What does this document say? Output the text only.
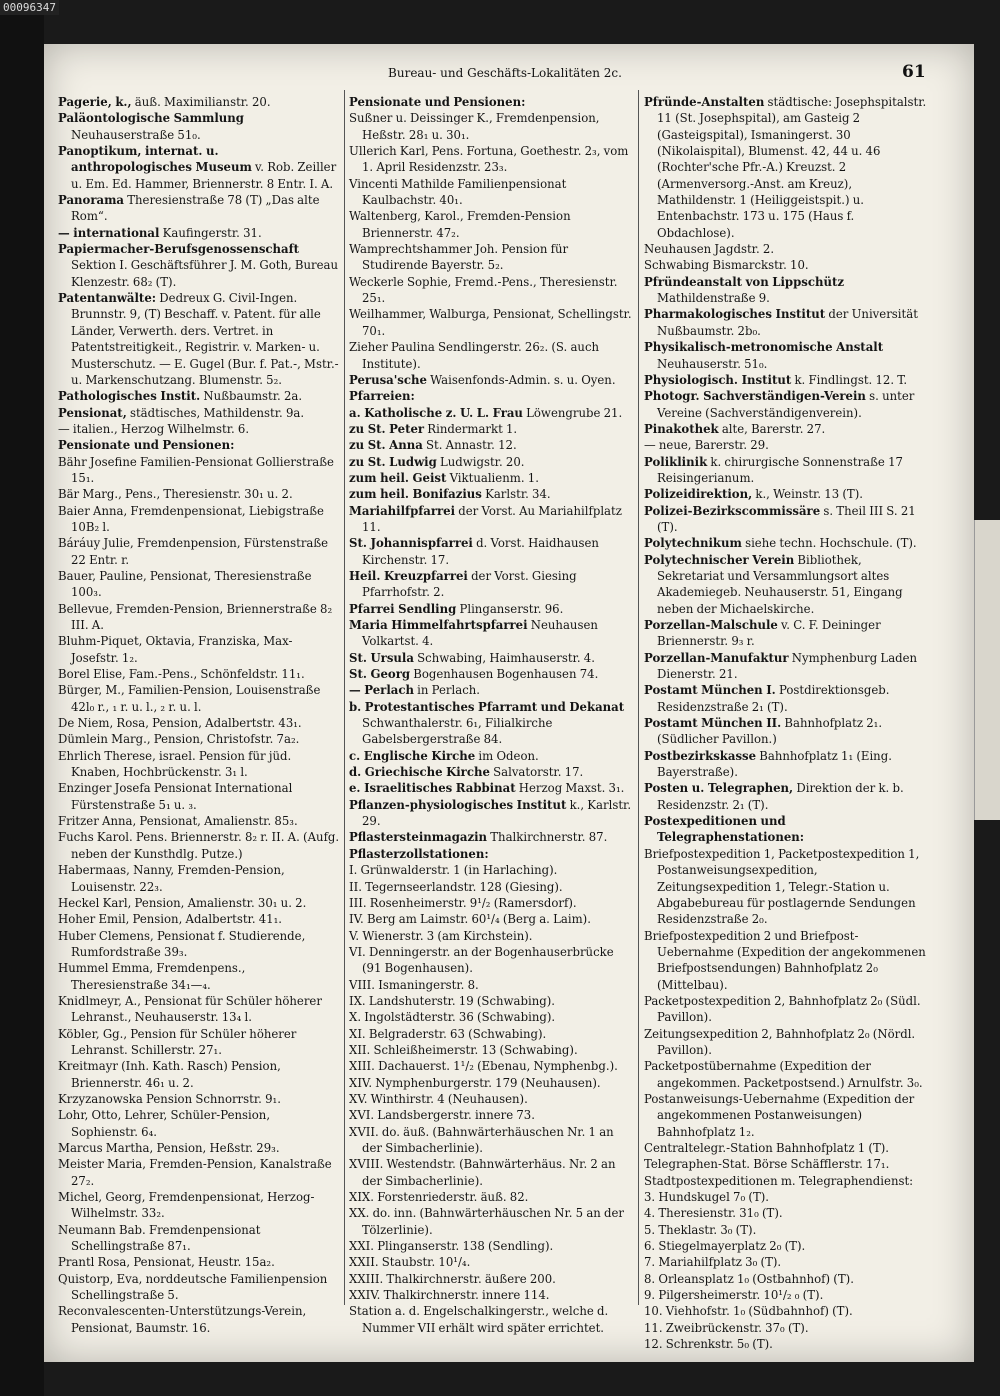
00096347
Bureau- und Geschäfts-Lokalitäten 2c.	61

Pagerie, k., äuß. Maximilianstr. 20.

Paläontologische Sammlung Neuhauserstraße 51₀.

Panoptikum, internat. u. anthropologisches Museum v. Rob. Zeiller u. Em. Ed. Hammer, Briennerstr. 8 Entr. I. A.

Panorama Theresienstraße 78 (T) „Das alte Rom“.

— international Kaufingerstr. 31.

Papiermacher-Berufsgenossenschaft Sektion I. Geschäftsführer J. M. Goth, Bureau Klenzestr. 68₂ (T).

Patentanwälte: Dedreux G. Civil-Ingen. Brunnstr. 9, (T) Beschaff. v. Patent. für alle Länder, Verwerth. ders. Vertret. in Patentstreitigkeit., Registrir. v. Marken- u. Musterschutz. — E. Gugel (Bur. f. Pat.-, Mstr.- u. Markenschutzang. Blumenstr. 5₂.

Pathologisches Instit. Nußbaumstr. 2a.

Pensionat, städtisches, Mathildenstr. 9a.

— italien., Herzog Wilhelmstr. 6.

Pensionate und Pensionen:

Bähr Josefine Familien-Pensionat Gollierstraße 15₁.

Bär Marg., Pens., Theresienstr. 30₁ u. 2.

Baier Anna, Fremdenpensionat, Liebigstraße 10B₂ l.

Báráuy Julie, Fremdenpension, Fürstenstraße 22 Entr. r.

Bauer, Pauline, Pensionat, Theresienstraße 100₃.

Bellevue, Fremden-Pension, Briennerstraße 8₂ III. A.

Bluhm-Piquet, Oktavia, Franziska, Max-Josefstr. 1₂.

Borel Elise, Fam.-Pens., Schönfeldstr. 11₁.

Bürger, M., Familien-Pension, Louisenstraße 42l₀ r., ₁ r. u. l., ₂ r. u. l.

De Niem, Rosa, Pension, Adalbertstr. 43₁.

Dümlein Marg., Pension, Christofstr. 7a₂.

Ehrlich Therese, israel. Pension für jüd. Knaben, Hochbrückenstr. 3₁ l.

Enzinger Josefa Pensionat International Fürstenstraße 5₁ u. ₃.

Fritzer Anna, Pensionat, Amalienstr. 85₃.

Fuchs Karol. Pens. Briennerstr. 8₂ r. II. A. (Aufg. neben der Kunsthdlg. Putze.)

Habermaas, Nanny, Fremden-Pension, Louisenstr. 22₃.

Heckel Karl, Pension, Amalienstr. 30₁ u. 2.

Hoher Emil, Pension, Adalbertstr. 41₁.

Huber Clemens, Pensionat f. Studierende, Rumfordstraße 39₃.

Hummel Emma, Fremdenpens., Theresienstraße 34₁—₄.

Knidlmeyr, A., Pensionat für Schüler höherer Lehranst., Neuhauserstr. 13₄ l.

Köbler, Gg., Pension für Schüler höherer Lehranst. Schillerstr. 27₁.

Kreitmayr (Inh. Kath. Rasch) Pension, Briennerstr. 46₁ u. 2.

Krzyzanowska Pension Schnorrstr. 9₁.

Lohr, Otto, Lehrer, Schüler-Pension, Sophienstr. 6₄.

Marcus Martha, Pension, Heßstr. 29₃.

Meister Maria, Fremden-Pension, Kanalstraße 27₂.

Michel, Georg, Fremdenpensionat, Herzog-Wilhelmstr. 33₂.

Neumann Bab. Fremdenpensionat Schellingstraße 87₁.

Prantl Rosa, Pensionat, Heustr. 15a₂.

Quistorp, Eva, norddeutsche Familienpension Schellingstraße 5.

Reconvalescenten-Unterstützungs-Verein, Pensionat, Baumstr. 16.

Pensionate und Pensionen:

Sußner u. Deissinger K., Fremdenpension, Heßstr. 28₁ u. 30₁.

Ullerich Karl, Pens. Fortuna, Goethestr. 2₃, vom 1. April Residenzstr. 23₃.

Vincenti Mathilde Familienpensionat Kaulbachstr. 40₁.

Waltenberg, Karol., Fremden-Pension Briennerstr. 47₂.

Wamprechtshammer Joh. Pension für Studirende Bayerstr. 5₂.

Weckerle Sophie, Fremd.-Pens., Theresienstr. 25₁.

Weilhammer, Walburga, Pensionat, Schellingstr. 70₁.

Zieher Paulina Sendlingerstr. 26₂. (S. auch Institute).

Perusa'sche Waisenfonds-Admin. s. u. Oyen.

Pfarreien:

a. Katholische z. U. L. Frau Löwengrube 21.

zu St. Peter Rindermarkt 1.

zu St. Anna St. Annastr. 12.

zu St. Ludwig Ludwigstr. 20.

zum heil. Geist Viktualienm. 1.

zum heil. Bonifazius Karlstr. 34.

Mariahilfpfarrei der Vorst. Au Mariahilfplatz 11.

St. Johannispfarrei d. Vorst. Haidhausen Kirchenstr. 17.

Heil. Kreuzpfarrei der Vorst. Giesing Pfarrhofstr. 2.

Pfarrei Sendling Plinganserstr. 96.

Maria Himmelfahrtspfarrei Neuhausen Volkartst. 4.

St. Ursula Schwabing, Haimhauserstr. 4.

St. Georg Bogenhausen Bogenhausen 74.

— Perlach in Perlach.

b. Protestantisches Pfarramt und Dekanat Schwanthalerstr. 6₁, Filialkirche Gabelsbergerstraße 84.

c. Englische Kirche im Odeon.

d. Griechische Kirche Salvatorstr. 17.

e. Israelitisches Rabbinat Herzog Maxst. 3₁.

Pflanzen-physiologisches Institut k., Karlstr. 29.

Pflastersteinmagazin Thalkirchnerstr. 87.

Pflasterzollstationen:

I. Grünwalderstr. 1 (in Harlaching).

II. Tegernseerlandstr. 128 (Giesing).

III. Rosenheimerstr. 9¹/₂ (Ramersdorf).

IV. Berg am Laimstr. 60¹/₄ (Berg a. Laim).

V. Wienerstr. 3 (am Kirchstein).

VI. Denningerstr. an der Bogenhauserbrücke (91 Bogenhausen).

VIII. Ismaningerstr. 8.

IX. Landshuterstr. 19 (Schwabing).

X. Ingolstädterstr. 36 (Schwabing).

XI. Belgraderstr. 63 (Schwabing).

XII. Schleißheimerstr. 13 (Schwabing).

XIII. Dachauerst. 1¹/₂ (Ebenau, Nymphenbg.).

XIV. Nymphenburgerstr. 179 (Neuhausen).

XV. Winthirstr. 4 (Neuhausen).

XVI. Landsbergerstr. innere 73.

XVII. do. äuß. (Bahnwärterhäuschen Nr. 1 an der Simbacherlinie).

XVIII. Westendstr. (Bahnwärterhäus. Nr. 2 an der Simbacherlinie).

XIX. Forstenriederstr. äuß. 82.

XX. do. inn. (Bahnwärterhäuschen Nr. 5 an der Tölzerlinie).

XXI. Plinganserstr. 138 (Sendling).

XXII. Staubstr. 10¹/₄.

XXIII. Thalkirchnerstr. äußere 200.

XXIV. Thalkirchnerstr. innere 114.

Station a. d. Engelschalkingerstr., welche d. Nummer VII erhält wird später errichtet.

Pfründe-Anstalten städtische: Josephspitalstr. 11 (St. Josephspital), am Gasteig 2 (Gasteigspital), Ismaningerst. 30 (Nikolaispital), Blumenst. 42, 44 u. 46 (Rochter'sche Pfr.-A.) Kreuzst. 2 (Armenversorg.-Anst. am Kreuz), Mathildenstr. 1 (Heiliggeistspit.) u. Entenbachstr. 173 u. 175 (Haus f. Obdachlose).

Neuhausen Jagdstr. 2.

Schwabing Bismarckstr. 10.

Pfründeanstalt von Lippschütz Mathildenstraße 9.

Pharmakologisches Institut der Universität Nußbaumstr. 2b₀.

Physikalisch-metronomische Anstalt Neuhauserstr. 51₀.

Physiologisch. Institut k. Findlingst. 12. T.

Photogr. Sachverständigen-Verein s. unter Vereine (Sachverständigenverein).

Pinakothek alte, Barerstr. 27.

— neue, Barerstr. 29.

Poliklinik k. chirurgische Sonnenstraße 17 Reisingerianum.

Polizeidirektion, k., Weinstr. 13 (T).

Polizei-Bezirkscommissäre s. Theil III S. 21 (T).

Polytechnikum siehe techn. Hochschule. (T).

Polytechnischer Verein Bibliothek, Sekretariat und Versammlungsort altes Akademiegeb. Neuhauserstr. 51, Eingang neben der Michaelskirche.

Porzellan-Malschule v. C. F. Deininger Briennerstr. 9₃ r.

Porzellan-Manufaktur Nymphenburg Laden Dienerstr. 21.

Postamt München I. Postdirektionsgeb. Residenzstraße 2₁ (T).

Postamt München II. Bahnhofplatz 2₁. (Südlicher Pavillon.)

Postbezirkskasse Bahnhofplatz 1₁ (Eing. Bayerstraße).

Posten u. Telegraphen, Direktion der k. b. Residenzstr. 2₁ (T).

Postexpeditionen und Telegraphenstationen:

Briefpostexpedition 1, Packetpostexpedition 1, Postanweisungsexpedition, Zeitungsexpedition 1, Telegr.-Station u. Abgabebureau für postlagernde Sendungen Residenzstraße 2₀.

Briefpostexpedition 2 und Briefpost-Uebernahme (Expedition der angekommenen Briefpostsendungen) Bahnhofplatz 2₀ (Mittelbau).

Packetpostexpedition 2, Bahnhofplatz 2₀ (Südl. Pavillon).

Zeitungsexpedition 2, Bahnhofplatz 2₀ (Nördl. Pavillon).

Packetpostübernahme (Expedition der angekommen. Packetpostsend.) Arnulfstr. 3₀.

Postanweisungs-Uebernahme (Expedition der angekommenen Postanweisungen) Bahnhofplatz 1₂.

Centraltelegr.-Station Bahnhofplatz 1 (T).

Telegraphen-Stat. Börse Schäfflerstr. 17₁.

Stadtpostexpeditionen m. Telegraphendienst:

3. Hundskugel 7₀ (T).

4. Theresienstr. 31₀ (T).

5. Theklastr. 3₀ (T).

6. Stiegelmayerplatz 2₀ (T).

7. Mariahilfplatz 3₀ (T).

8. Orleansplatz 1₀ (Ostbahnhof) (T).

9. Pilgersheimerstr. 10¹/₂ ₀ (T).

10. Viehhofstr. 1₀ (Südbahnhof) (T).

11. Zweibrückenstr. 37₀ (T).

12. Schrenkstr. 5₀ (T).
